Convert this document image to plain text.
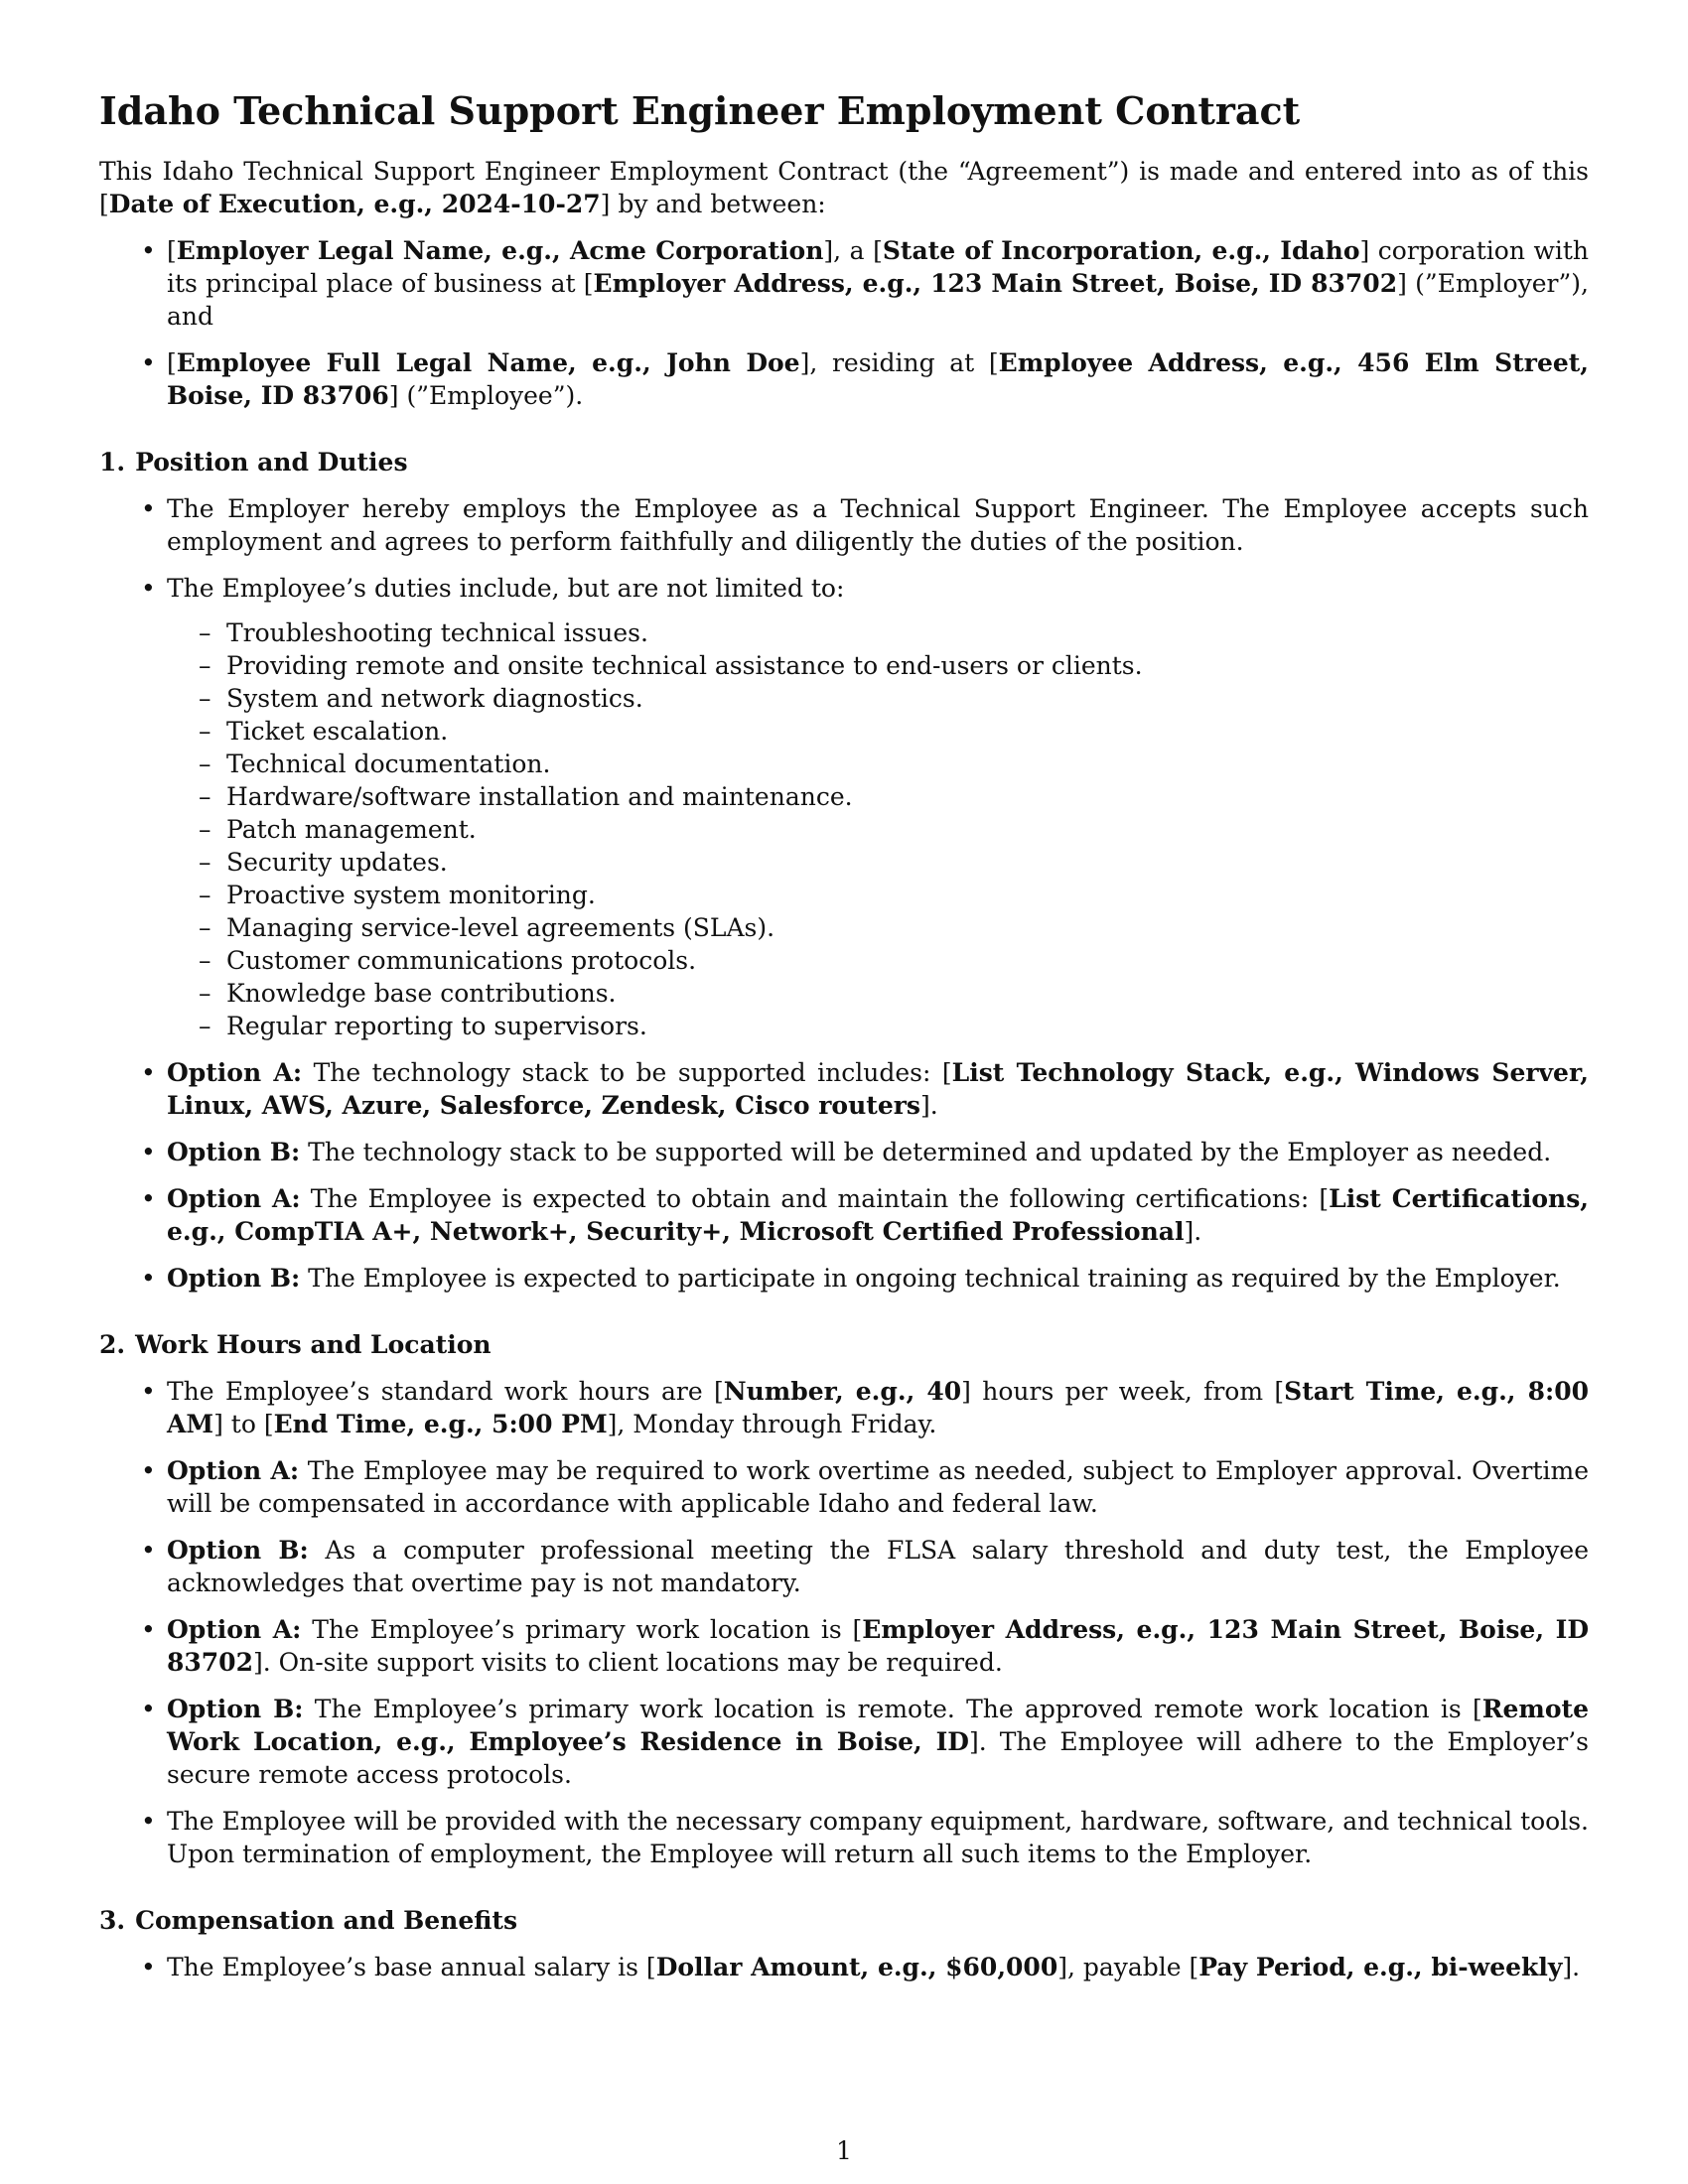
Idaho Technical Support Engineer Employment Contract

This Idaho Technical Support Engineer Employment Contract (the “Agreement”) is made and entered into as of this [Date of Execution, e.g., 2024-10-27] by and between:

• [Employer Legal Name, e.g., Acme Corporation], a [State of Incorporation, e.g., Idaho] corporation with its principal place of business at [Employer Address, e.g., 123 Main Street, Boise, ID 83702] (”Employer”), and
• [Employee Full Legal Name, e.g., John Doe], residing at [Employee Address, e.g., 456 Elm Street, Boise, ID 83706] (”Employee”).
1. Position and Duties
• The Employer hereby employs the Employee as a Technical Support Engineer. The Employee accepts such employment and agrees to perform faithfully and diligently the duties of the position.
• The Employee’s duties include, but are not limited to:
– Troubleshooting technical issues.
– Providing remote and onsite technical assistance to end-users or clients.
– System and network diagnostics.
– Ticket escalation.
– Technical documentation.
– Hardware/software installation and maintenance.
– Patch management.
– Security updates.
– Proactive system monitoring.
– Managing service-level agreements (SLAs).
– Customer communications protocols.
– Knowledge base contributions.
– Regular reporting to supervisors.
• Option A: The technology stack to be supported includes: [List Technology Stack, e.g., Windows Server, Linux, AWS, Azure, Salesforce, Zendesk, Cisco routers].
• Option B: The technology stack to be supported will be determined and updated by the Employer as needed.
• Option A: The Employee is expected to obtain and maintain the following certifications: [List Certifications, e.g., CompTIA A+, Network+, Security+, Microsoft Certified Professional].
• Option B: The Employee is expected to participate in ongoing technical training as required by the Employer.
2. Work Hours and Location
• The Employee’s standard work hours are [Number, e.g., 40] hours per week, from [Start Time, e.g., 8:00 AM] to [End Time, e.g., 5:00 PM], Monday through Friday.
• Option A: The Employee may be required to work overtime as needed, subject to Employer approval. Overtime will be compensated in accordance with applicable Idaho and federal law.
• Option B: As a computer professional meeting the FLSA salary threshold and duty test, the Employee acknowledges that overtime pay is not mandatory.
• Option A: The Employee’s primary work location is [Employer Address, e.g., 123 Main Street, Boise, ID 83702]. On-site support visits to client locations may be required.
• Option B: The Employee’s primary work location is remote. The approved remote work location is [Remote Work Location, e.g., Employee’s Residence in Boise, ID]. The Employee will adhere to the Employer’s secure remote access protocols.
• The Employee will be provided with the necessary company equipment, hardware, software, and technical tools. Upon termination of employment, the Employee will return all such items to the Employer.
3. Compensation and Benefits
• The Employee’s base annual salary is [Dollar Amount, e.g., $60,000], payable [Pay Period, e.g., bi-weekly].
1
